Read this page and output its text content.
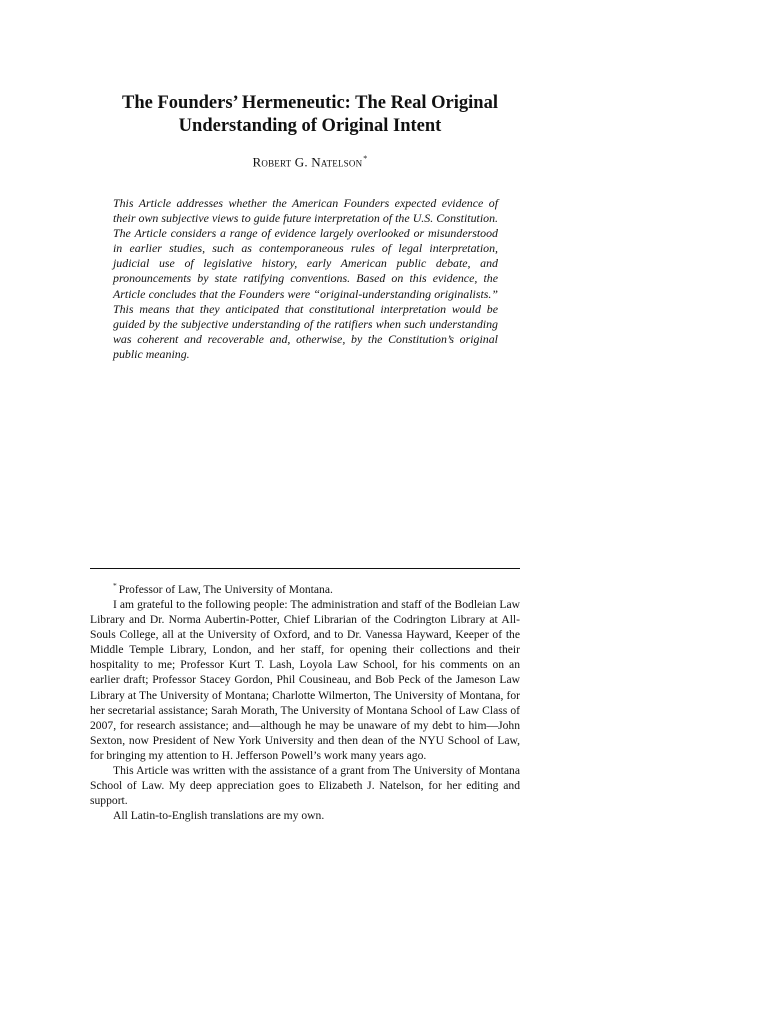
The Founders’ Hermeneutic: The Real Original
Understanding of Original Intent
Robert G. Natelson*

This Article addresses whether the American Founders expected evidence of their own subjective views to guide future interpretation of the U.S. Constitution. The Article considers a range of evidence largely overlooked or misunderstood in earlier studies, such as contemporaneous rules of legal interpretation, judicial use of legislative history, early American public debate, and pronouncements by state ratifying conventions. Based on this evidence, the Article concludes that the Founders were “original-understanding originalists.” This means that they anticipated that constitutional interpretation would be guided by the subjective understanding of the ratifiers when such understanding was coherent and recoverable and, otherwise, by the Constitution’s original public meaning.

* Professor of Law, The University of Montana.

I am grateful to the following people: The administration and staff of the Bodleian Law Library and Dr. Norma Aubertin-Potter, Chief Librarian of the Codrington Library at All-Souls College, all at the University of Oxford, and to Dr. Vanessa Hayward, Keeper of the Middle Temple Library, London, and her staff, for opening their collections and their hospitality to me; Professor Kurt T. Lash, Loyola Law School, for his comments on an earlier draft; Professor Stacey Gordon, Phil Cousineau, and Bob Peck of the Jameson Law Library at The University of Montana; Charlotte Wilmerton, The University of Montana, for her secretarial assistance; Sarah Morath, The University of Montana School of Law Class of 2007, for research assistance; and—although he may be unaware of my debt to him—John Sexton, now President of New York University and then dean of the NYU School of Law, for bringing my attention to H. Jefferson Powell’s work many years ago.

This Article was written with the assistance of a grant from The University of Montana School of Law. My deep appreciation goes to Elizabeth J. Natelson, for her editing and support.

All Latin-to-English translations are my own.
